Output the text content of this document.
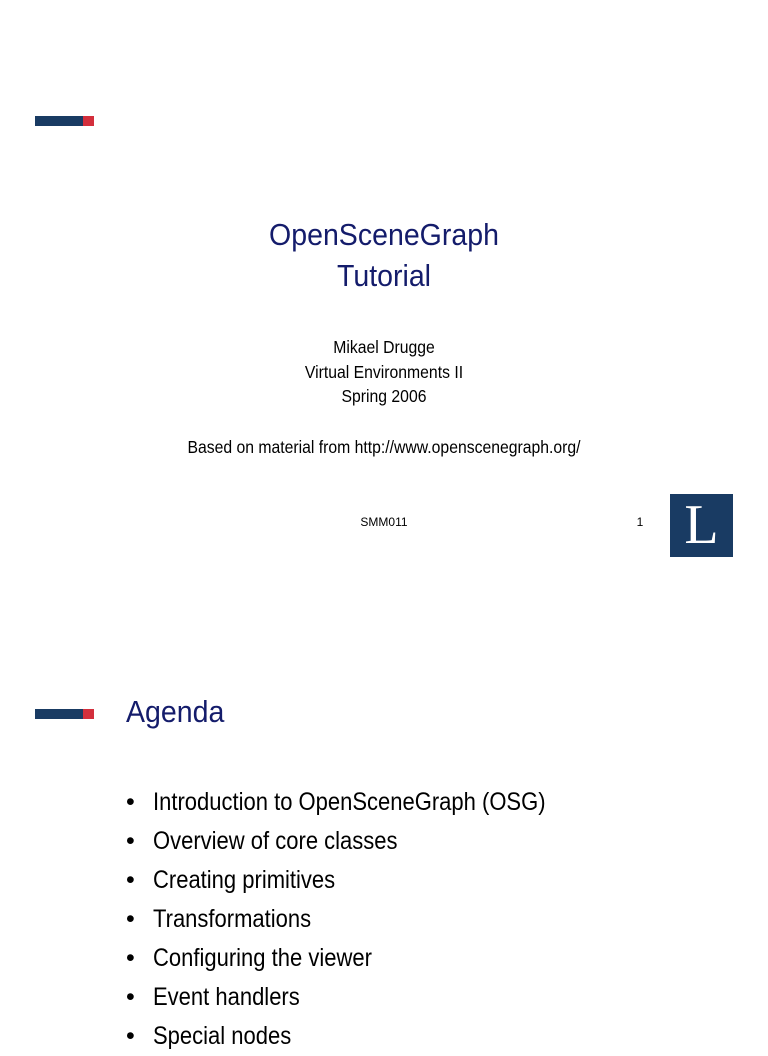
OpenSceneGraph
Tutorial
Mikael Drugge
Virtual Environments II
Spring 2006
Based on material from http://www.openscenegraph.org/
SMM011	1 L
Agenda
• Introduction to OpenSceneGraph (OSG)
• Overview of core classes
• Creating primitives
• Transformations
• Configuring the viewer
• Event handlers
• Special nodes
